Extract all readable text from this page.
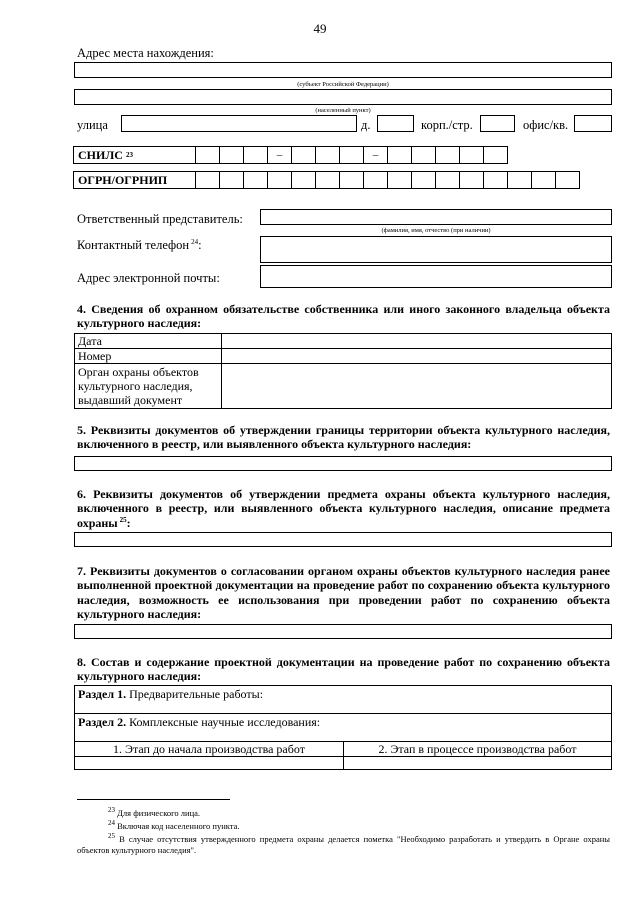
49
Адрес места нахождения:
(субъект Российской Федерации)
(населенный пункт)
улица	д.	корп./стр.	офис/кв.
СНИЛС 23	–	–
ОГРН/ОГРНИП
Ответственный представитель:
(фамилия, имя, отчество (при наличии)
Контактный телефон $^{24}$:
Адрес электронной почты:
4. Сведения об охранном обязательстве собственника или иного законного владельца объекта культурного наследия:
Дата	
Номер	
Орган охраны объектов культурного наследия, выдавший документ	
5. Реквизиты документов об утверждении границы территории объекта культурного наследия, включенного в реестр, или выявленного объекта культурного наследия:
6. Реквизиты документов об утверждении предмета охраны объекта культурного наследия, включенного в реестр, или выявленного объекта культурного наследия, описание предмета охраны $^{25}$:
7. Реквизиты документов о согласовании органом охраны объектов культурного наследия ранее выполненной проектной документации на проведение работ по сохранению объекта культурного наследия, возможность ее использования при проведении работ по сохранению объекта культурного наследия:
8. Состав и содержание проектной документации на проведение работ по сохранению объекта культурного наследия:
Раздел 1. Предварительные работы:	
Раздел 2. Комплексные научные исследования:	
1. Этап до начала производства работ	2. Этап в процессе производства работ

$^{23}$ Для физического лица.
$^{24}$ Включая код населенного пункта.
$^{25}$ В случае отсутствия утвержденного предмета охраны делается пометка "Необходимо разработать и утвердить в Органе охраны объектов культурного наследия".
